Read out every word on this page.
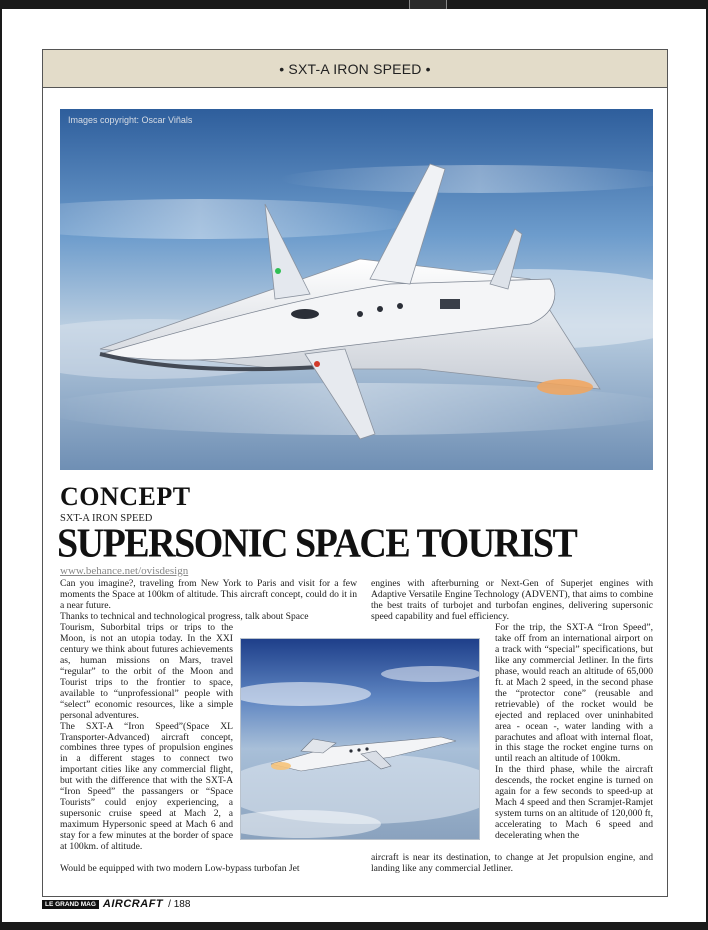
• SXT-A IRON SPEED •
Images copyright: Oscar Viñals
CONCEPT
SXT-A IRON SPEED
SUPERSONIC SPACE TOURIST
www.behance.net/ovisdesign

Can you imagine?, traveling from New York to Paris and visit for a few moments the Space at 100km of altitude. This aircraft concept, could do it in a near future.

Thanks to technical and technological progress, talk about Space

Tourism, Suborbital trips or trips to the Moon, is not an utopia today. In the XXI century we think about futures achievements as, human missions on Mars, travel “regular” to the orbit of the Moon and Tourist trips to the frontier to space, available to “unprofessional” people with “select” economic resources, like a simple personal adventures.

The SXT-A “Iron Speed”(Space XL Transporter-Advanced) aircraft concept, combines three types of propulsion engines in a different stages to connect two important cities like any commercial flight, but with the difference that with the SXT-A “Iron Speed” the passangers or “Space Tourists” could enjoy experiencing, a supersonic cruise speed at Mach 2, a maximum Hypersonic speed at Mach 6 and stay for a few minutes at the border of space at 100km. of altitude.

Would be equipped with two modern Low-bypass turbofan Jet

engines with afterburning or Next-Gen of Superjet engines with Adaptive Versatile Engine Technology (ADVENT), that aims to combine the best traits of turbojet and turbofan engines, delivering supersonic speed capability and fuel efficiency.

For the trip, the SXT-A “Iron Speed”, take off from an international airport on a track with “special” specifications, but like any commercial Jetliner. In the firts phase, would reach an altitude of 65,000 ft. at Mach 2 speed, in the second phase the “protector cone” (reusable and retrievable) of the rocket would be ejected and replaced over uninhabited area - ocean -, water landing with a parachutes and afloat with internal float, in this stage the rocket engine turns on until reach an altitude of 100km.

In the third phase, while the aircraft descends, the rocket engine is turned on again for a few seconds to speed-up at Mach 4 speed and then Scramjet-Ramjet system turns on an altitude of 120,000 ft, accelerating to Mach 6 speed and decelerating when the

aircraft is near its destination, to change at Jet propulsion engine, and landing like any commercial Jetliner.

LE GRAND MAG AIRCRAFT / 188
